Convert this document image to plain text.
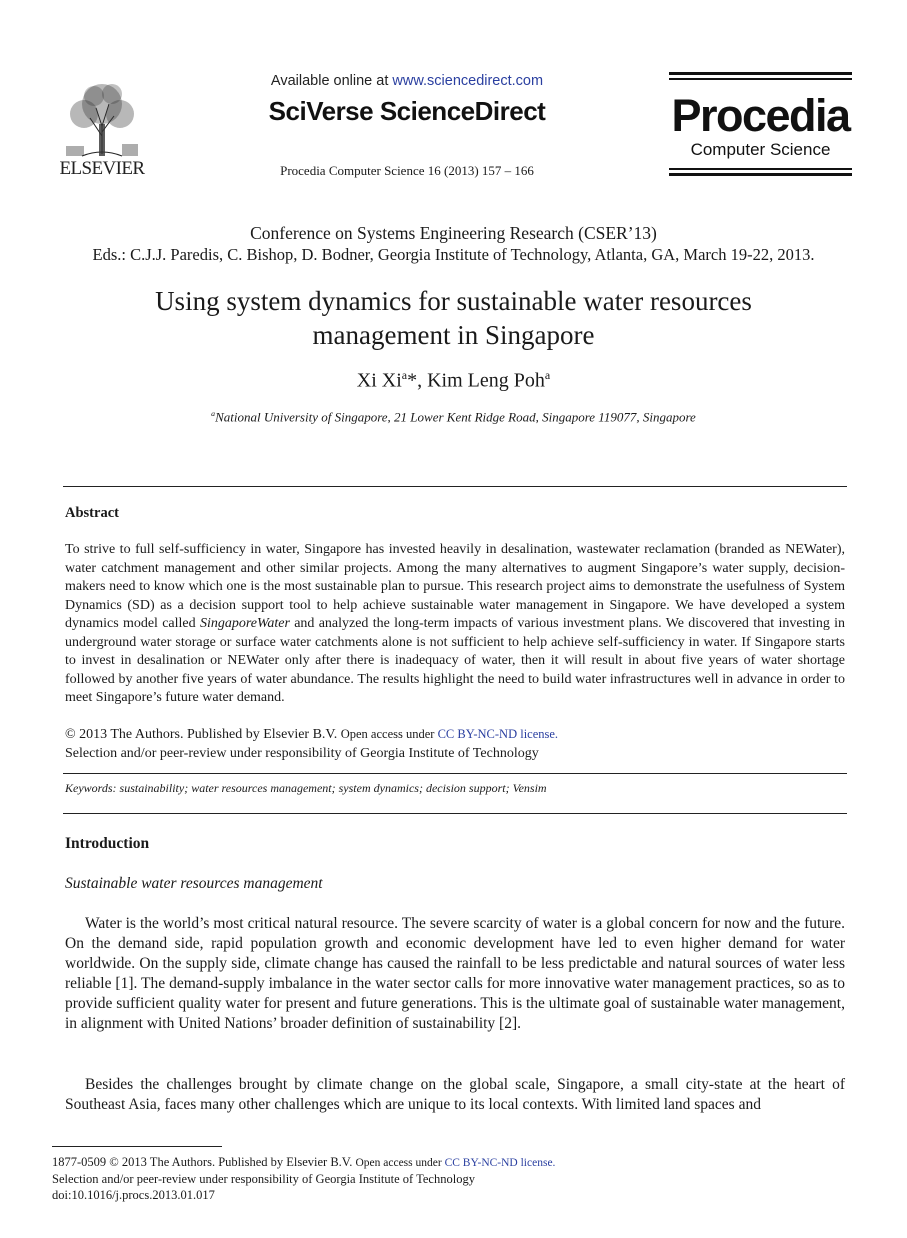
ELSEVIER
Available online at www.sciencedirect.com
SciVerse ScienceDirect
Procedia Computer Science 16 (2013) 157 – 166
Procedia
Computer Science
Conference on Systems Engineering Research (CSER’13)
Eds.: C.J.J. Paredis, C. Bishop, D. Bodner, Georgia Institute of Technology, Atlanta, GA, March 19-22, 2013.
Using system dynamics for sustainable water resources
management in Singapore
Xi Xi$^a$*, Kim Leng Poh$^a$
$^a$National University of Singapore, 21 Lower Kent Ridge Road, Singapore 119077, Singapore
Abstract
To strive to full self-sufficiency in water, Singapore has invested heavily in desalination, wastewater reclamation (branded as NEWater), water catchment management and other similar projects. Among the many alternatives to augment Singapore’s water supply, decision-makers need to know which one is the most sustainable plan to pursue. This research project aims to demonstrate the usefulness of System Dynamics (SD) as a decision support tool to help achieve sustainable water management in Singapore. We have developed a system dynamics model called SingaporeWater and analyzed the long-term impacts of various investment plans. We discovered that investing in underground water storage or surface water catchments alone is not sufficient to help achieve self-sufficiency in water. If Singapore starts to invest in desalination or NEWater only after there is inadequacy of water, then it will result in about five years of water shortage followed by another five years of water abundance. The results highlight the need to build water infrastructures well in advance in order to meet Singapore’s future water demand.
© 2013 The Authors. Published by Elsevier B.V. Open access under CC BY-NC-ND license.
Selection and/or peer-review under responsibility of Georgia Institute of Technology
Keywords: sustainability; water resources management; system dynamics; decision support; Vensim
Introduction
Sustainable water resources management
Water is the world’s most critical natural resource. The severe scarcity of water is a global concern for now and the future. On the demand side, rapid population growth and economic development have led to even higher demand for water worldwide. On the supply side, climate change has caused the rainfall to be less predictable and natural sources of water less reliable [1]. The demand-supply imbalance in the water sector calls for more innovative water management practices, so as to provide sufficient quality water for present and future generations. This is the ultimate goal of sustainable water management, in alignment with United Nations’ broader definition of sustainability [2].
Besides the challenges brought by climate change on the global scale, Singapore, a small city-state at the heart of Southeast Asia, faces many other challenges which are unique to its local contexts. With limited land spaces and
1877-0509 © 2013 The Authors. Published by Elsevier B.V. Open access under CC BY-NC-ND license.
Selection and/or peer-review under responsibility of Georgia Institute of Technology
doi:10.1016/j.procs.2013.01.017
